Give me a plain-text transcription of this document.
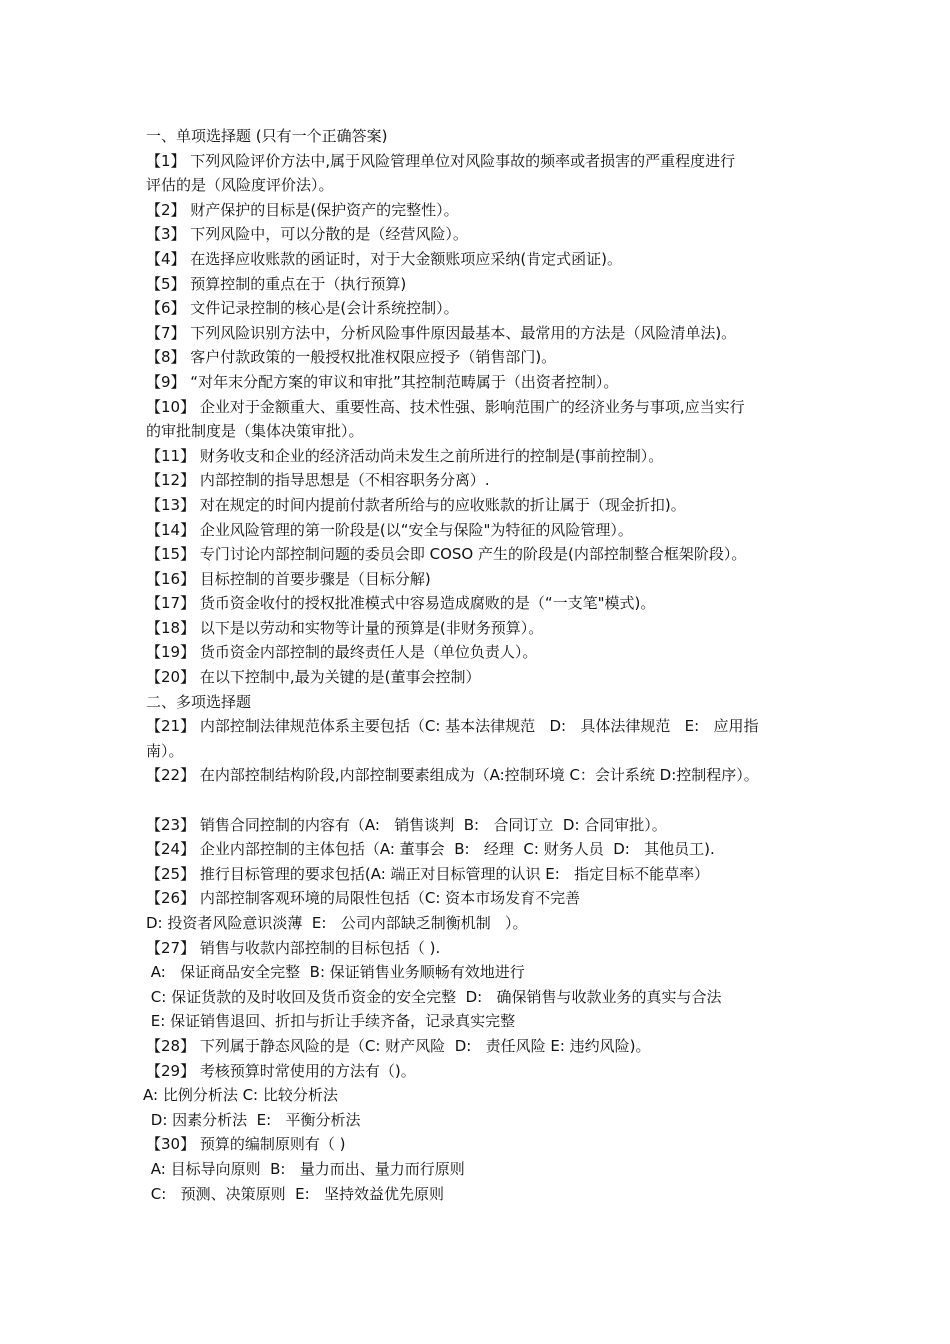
一、单项选择题 (只有一个正确答案)
【1】 下列风险评价方法中,属于风险管理单位对风险事故的频率或者损害的严重程度进行
评估的是（风险度评价法）。
【2】 财产保护的目标是(保护资产的完整性）。
【3】 下列风险中，可以分散的是（经营风险）。
【4】 在选择应收账款的函证时，对于大金额账项应采纳(肯定式函证)。
【5】 预算控制的重点在于（执行预算)
【6】 文件记录控制的核心是(会计系统控制）。
【7】 下列风险识别方法中，分析风险事件原因最基本、最常用的方法是（风险清单法)。
【8】 客户付款政策的一般授权批准权限应授予（销售部门)。
【9】 “对年末分配方案的审议和审批”其控制范畴属于（出资者控制）。
【10】 企业对于金额重大、重要性高、技术性强、影响范围广的经济业务与事项,应当实行
的审批制度是（集体决策审批）。
【11】 财务收支和企业的经济活动尚未发生之前所进行的控制是(事前控制）。
【12】 内部控制的指导思想是（不相容职务分离）.
【13】 对在规定的时间内提前付款者所给与的应收账款的折让属于（现金折扣)。
【14】 企业风险管理的第一阶段是(以“安全与保险"为特征的风险管理）。
【15】 专门讨论内部控制问题的委员会即 COSO 产生的阶段是(内部控制整合框架阶段）。
【16】 目标控制的首要步骤是（目标分解)
【17】 货币资金收付的授权批准模式中容易造成腐败的是（“一支笔"模式)。
【18】 以下是以劳动和实物等计量的预算是(非财务预算）。
【19】 货币资金内部控制的最终责任人是（单位负责人）。
【20】 在以下控制中,最为关键的是(董事会控制）
二、多项选择题
【21】 内部控制法律规范体系主要包括（C: 基本法律规范   D:   具体法律规范   E:   应用指
南）。
【22】 在内部控制结构阶段,内部控制要素组成为（A:控制环境 C：会计系统 D:控制程序）。
【23】 销售合同控制的内容有（A:   销售谈判  B:   合同订立  D: 合同审批）。
【24】 企业内部控制的主体包括（A: 董事会  B:   经理  C: 财务人员  D:   其他员工).
【25】 推行目标管理的要求包括(A: 端正对目标管理的认识 E:   指定目标不能草率）
【26】 内部控制客观环境的局限性包括（C: 资本市场发育不完善
D: 投资者风险意识淡薄  E:   公司内部缺乏制衡机制   ）。
【27】 销售与收款内部控制的目标包括（ ).
A:   保证商品安全完整  B: 保证销售业务顺畅有效地进行
C: 保证货款的及时收回及货币资金的安全完整  D:   确保销售与收款业务的真实与合法
E: 保证销售退回、折扣与折让手续齐备，记录真实完整
【28】 下列属于静态风险的是（C: 财产风险  D:   责任风险 E: 违约风险)。
【29】 考核预算时常使用的方法有（)。
A: 比例分析法 C: 比较分析法
D: 因素分析法  E:   平衡分析法
【30】 预算的编制原则有（ )
A: 目标导向原则  B:   量力而出、量力而行原则
C:   预测、决策原则  E:   坚持效益优先原则
